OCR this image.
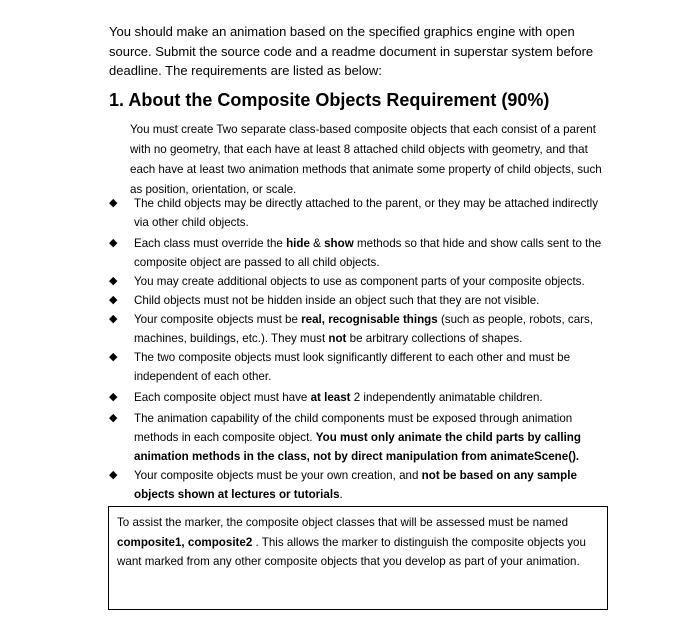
You should make an animation based on the specified graphics engine with open source. Submit the source code and a readme document in superstar system before deadline. The requirements are listed as below:

1. About the Composite Objects Requirement (90%)

You must create Two separate class-based composite objects that each consist of a parent with no geometry, that each have at least 8 attached child objects with geometry, and that each have at least two animation methods that animate some property of child objects, such as position, orientation, or scale.

◆ The child objects may be directly attached to the parent, or they may be attached indirectly via other child objects.
◆ Each class must override the hide & show methods so that hide and show calls sent to the composite object are passed to all child objects.
◆ You may create additional objects to use as component parts of your composite objects.
◆ Child objects must not be hidden inside an object such that they are not visible.
◆ Your composite objects must be real, recognisable things (such as people, robots, cars, machines, buildings, etc.). They must not be arbitrary collections of shapes.
◆ The two composite objects must look significantly different to each other and must be independent of each other.
◆ Each composite object must have at least 2 independently animatable children.
◆ The animation capability of the child components must be exposed through animation methods in each composite object. You must only animate the child parts by calling animation methods in the class, not by direct manipulation from animateScene().
◆ Your composite objects must be your own creation, and not be based on any sample objects shown at lectures or tutorials.

To assist the marker, the composite object classes that will be assessed must be named composite1, composite2 . This allows the marker to distinguish the composite objects you want marked from any other composite objects that you develop as part of your animation.
